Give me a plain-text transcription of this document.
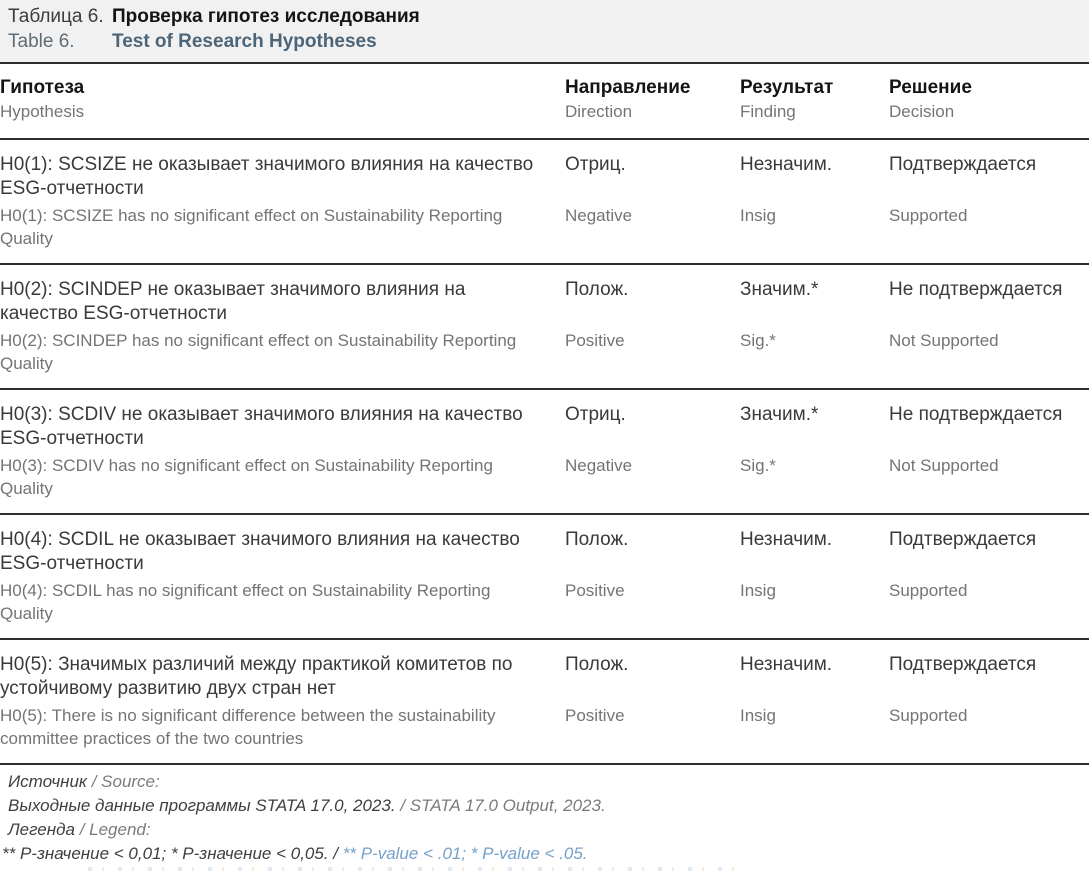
Таблица 6. Проверка гипотез исследования
Table 6. Test of Research Hypotheses
Гипотеза
Hypothesis
Направление
Direction
Результат
Finding
Решение
Decision
H0(1): SCSIZE не оказывает значимого влияния на качество ESG-отчетности
H0(1): SCSIZE has no significant effect on Sustainability Reporting Quality
Отриц.
Negative
Незначим.
Insig
Подтверждается
Supported
H0(2): SCINDEP не оказывает значимого влияния на качество ESG-отчетности
H0(2): SCINDEP has no significant effect on Sustainability Reporting Quality
Полож.
Positive
Значим.*
Sig.*
Не подтверждается
Not Supported
H0(3): SCDIV не оказывает значимого влияния на качество ESG-отчетности
H0(3): SCDIV has no significant effect on Sustainability Reporting Quality
Отриц.
Negative
Значим.*
Sig.*
Не подтверждается
Not Supported
H0(4): SCDIL не оказывает значимого влияния на качество ESG-отчетности
H0(4): SCDIL has no significant effect on Sustainability Reporting Quality
Полож.
Positive
Незначим.
Insig
Подтверждается
Supported
H0(5): Значимых различий между практикой комитетов по устойчивому развитию двух стран нет
H0(5): There is no significant difference between the sustainability committee practices of the two countries
Полож.
Positive
Незначим.
Insig
Подтверждается
Supported
Источник / Source:
Выходные данные программы STATA 17.0, 2023. / STATA 17.0 Output, 2023.
Легенда / Legend:
** Р-значение < 0,01; * Р-значение < 0,05. / ** P-value < .01; * P-value < .05.
